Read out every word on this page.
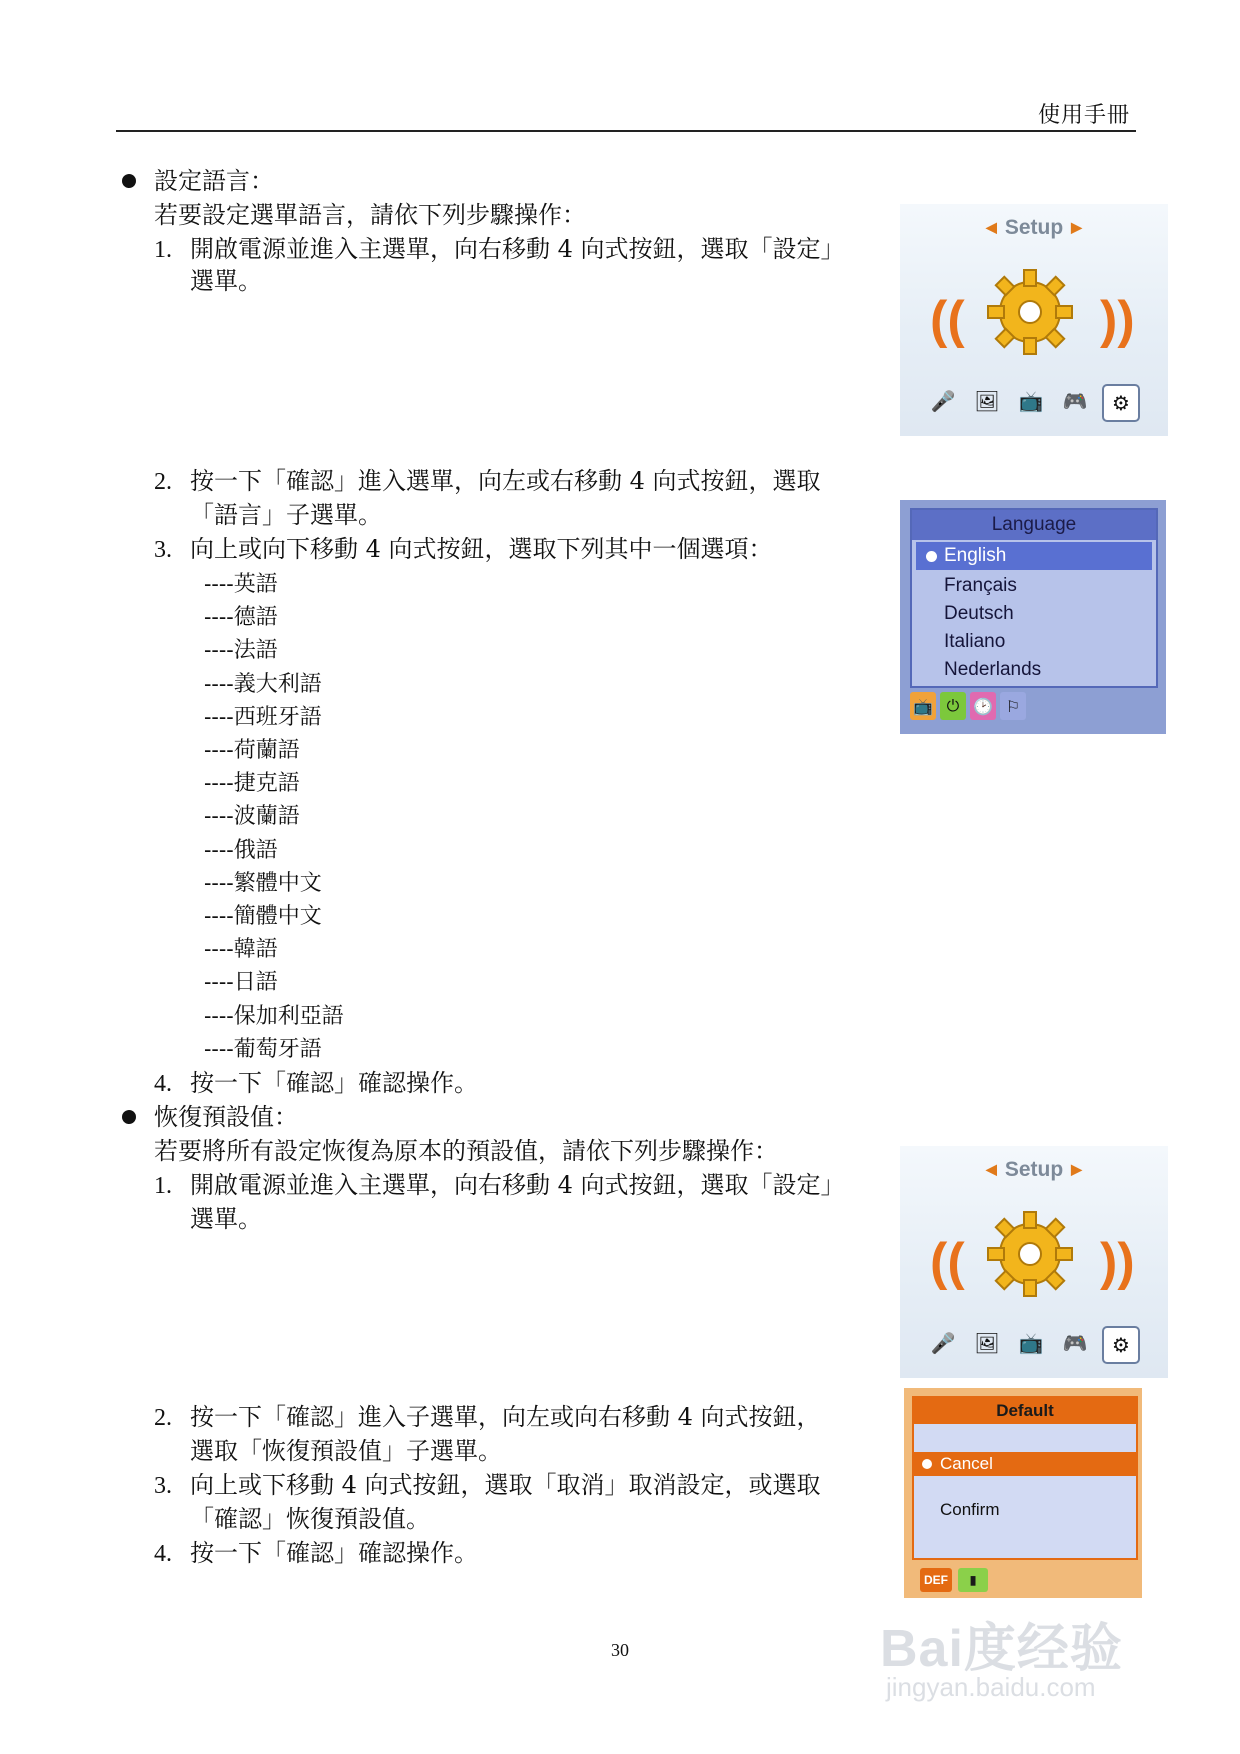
使用手冊
設定語言：
若要設定選單語言，請依下列步驟操作：
1. 開啟電源並進入主選單，向右移動 4 向式按鈕，選取「設定」
選單。
2. 按一下「確認」進入選單，向左或右移動 4 向式按鈕，選取
「語言」子選單。
3. 向上或向下移動 4 向式按鈕，選取下列其中一個選項：
----英語
----德語
----法語
----義大利語
----西班牙語
----荷蘭語
----捷克語
----波蘭語
----俄語
----繁體中文
----簡體中文
----韓語
----日語
----保加利亞語
----葡萄牙語
4. 按一下「確認」確認操作。
恢復預設值：
若要將所有設定恢復為原本的預設值，請依下列步驟操作：
1. 開啟電源並進入主選單，向右移動 4 向式按鈕，選取「設定」
選單。
2. 按一下「確認」進入子選單，向左或向右移動 4 向式按鈕，
選取「恢復預設值」子選單。
3. 向上或下移動 4 向式按鈕，選取「取消」取消設定，或選取
「確認」恢復預設值。
4. 按一下「確認」確認操作。
◀ Setup ▶
((	))
🎤 🖼 📺 🎮	⚙
Language
English
Français
Deutsch
Italiano
Nederlands
📺 ⏻ 🕑 ⚐
◀ Setup ▶
((	))
🎤 🖼 📺 🎮	⚙
Default
Cancel
Confirm
DEF	▮
30	Bai度经验
jingyan.baidu.com
